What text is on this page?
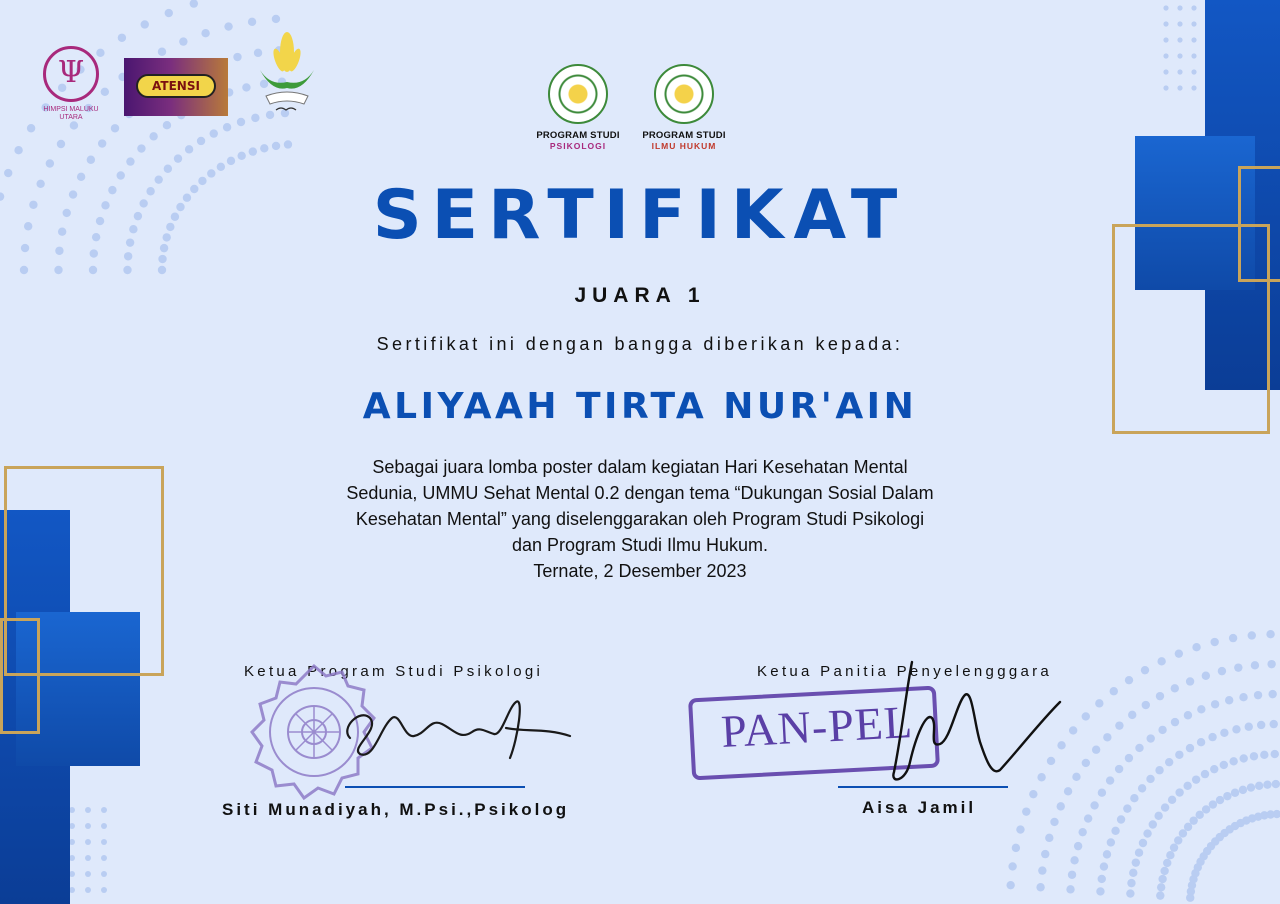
Ψ
HIMPSI MALUKU UTARA
ATENSI
PROGRAM STUDI
PSIKOLOGI
PROGRAM STUDI
ILMU HUKUM
SERTIFIKAT
JUARA 1
Sertifikat ini dengan bangga diberikan kepada:
ALIYAAH TIRTA NUR'AIN

Sebagai juara lomba poster dalam kegiatan Hari Kesehatan Mental

Sedunia, UMMU Sehat Mental 0.2 dengan tema “Dukungan Sosial Dalam

Kesehatan Mental” yang diselenggarakan oleh Program Studi Psikologi

dan Program Studi Ilmu Hukum.

Ternate, 2 Desember 2023

Ketua Program Studi Psikologi
Siti Munadiyah, M.Psi.,Psikolog
Ketua Panitia Penyelengggara
PAN-PEL
Aisa Jamil
